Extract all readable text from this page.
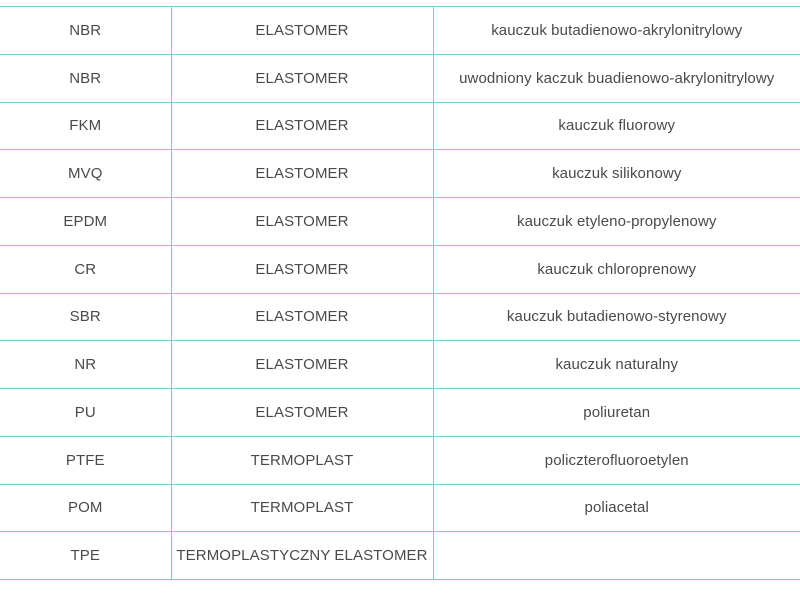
NBR	ELASTOMER	kauczuk butadienowo-akrylonitrylowy
NBR	ELASTOMER	uwodniony kaczuk buadienowo-akrylonitrylowy
FKM	ELASTOMER	kauczuk fluorowy
MVQ	ELASTOMER	kauczuk silikonowy
EPDM	ELASTOMER	kauczuk etyleno-propylenowy
CR	ELASTOMER	kauczuk chloroprenowy
SBR	ELASTOMER	kauczuk butadienowo-styrenowy
NR	ELASTOMER	kauczuk naturalny
PU	ELASTOMER	poliuretan
PTFE	TERMOPLAST	policzterofluoroetylen
POM	TERMOPLAST	poliacetal
TPE	TERMOPLASTYCZNY ELASTOMER	
